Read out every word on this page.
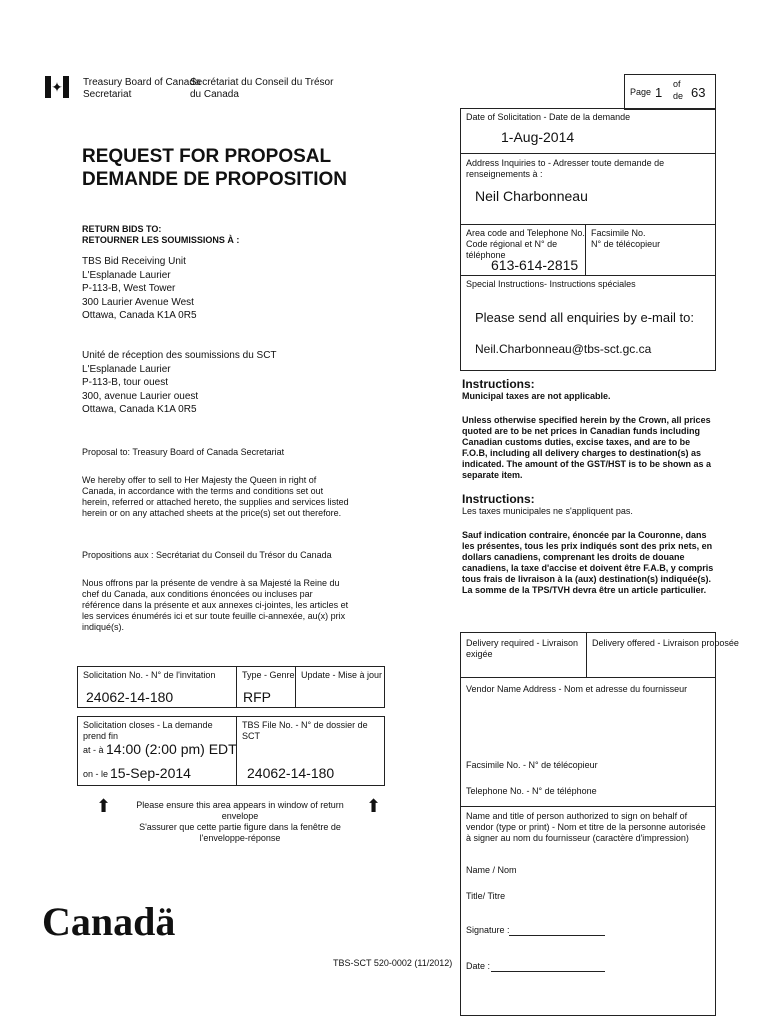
✦ Treasury Board of Canada
Secretariat
Secrétariat du Conseil du Trésor
du Canada	Page 1
of
de 63
REQUEST FOR PROPOSAL
DEMANDE DE PROPOSITION
RETURN BIDS TO:
RETOURNER LES SOUMISSIONS À :
TBS Bid Receiving Unit
L'Esplanade Laurier
P-113-B, West Tower
300 Laurier Avenue West
Ottawa, Canada K1A 0R5
Unité de réception des soumissions du SCT
L'Esplanade Laurier
P-113-B, tour ouest
300, avenue Laurier ouest
Ottawa, Canada K1A 0R5
Proposal to: Treasury Board of Canada Secretariat
We hereby offer to sell to Her Majesty the Queen in right of Canada, in accordance with the terms and conditions set out herein, referred or attached hereto, the supplies and services listed herein or on any attached sheets at the price(s) set out therefore.
Propositions aux : Secrétariat du Conseil du Trésor du Canada
Nous offrons par la présente de vendre à sa Majesté la Reine du chef du Canada, aux conditions énoncées ou incluses par référence dans la présente et aux annexes ci-jointes, les articles et les services énumérés ici et sur toute feuille ci-annexée, au(x) prix indiqué(s).
Solicitation No. - N° de l'invitation
24062-14-180
Type - Genre
RFP
Update - Mise à jour
Solicitation closes - La demande prend fin
at - à 14:00 (2:00 pm) EDT
on - le 15-Sep-2014
TBS File No. - N° de dossier de SCT
24062-14-180
⬆	Please ensure this area appears in window of return envelope
S'assurer que cette partie figure dans la fenêtre de l'enveloppe-réponse
⬆
Canadä
TBS-SCT 520-0002 (11/2012)
Date of Solicitation - Date de la demande
1-Aug-2014
Address Inquiries to - Adresser toute demande de renseignements à :
Neil Charbonneau
Area code and Telephone No.
Code régional et N° de téléphone
613-614-2815
Facsimile No.
N° de télécopieur
Special Instructions- Instructions spéciales
Please send all enquiries by e-mail to:
Neil.Charbonneau@tbs-sct.gc.ca
Instructions:
Municipal taxes are not applicable.
Unless otherwise specified herein by the Crown, all prices quoted are to be net prices in Canadian funds including Canadian customs duties, excise taxes, and are to be F.O.B, including all delivery charges to destination(s) as indicated. The amount of the GST/HST is to be shown as a separate item.
Instructions:
Les taxes municipales ne s'appliquent pas.
Sauf indication contraire, énoncée par la Couronne, dans les présentes, tous les prix indiqués sont des prix nets, en dollars canadiens, comprenant les droits de douane canadiens, la taxe d'accise et doivent être F.A.B, y compris tous frais de livraison à la (aux) destination(s) indiquée(s). La somme de la TPS/TVH devra être un article particulier.
Delivery required - Livraison exigée
Delivery offered - Livraison proposée
Vendor Name Address - Nom et adresse du fournisseur
Facsimile No. - N° de télécopieur
Telephone No. - N° de téléphone
Name and title of person authorized to sign on behalf of vendor (type or print) - Nom et titre de la personne autorisée à signer au nom du fournisseur (caractère d'impression)
Name / Nom
Title/ Titre
Signature :
Date :
